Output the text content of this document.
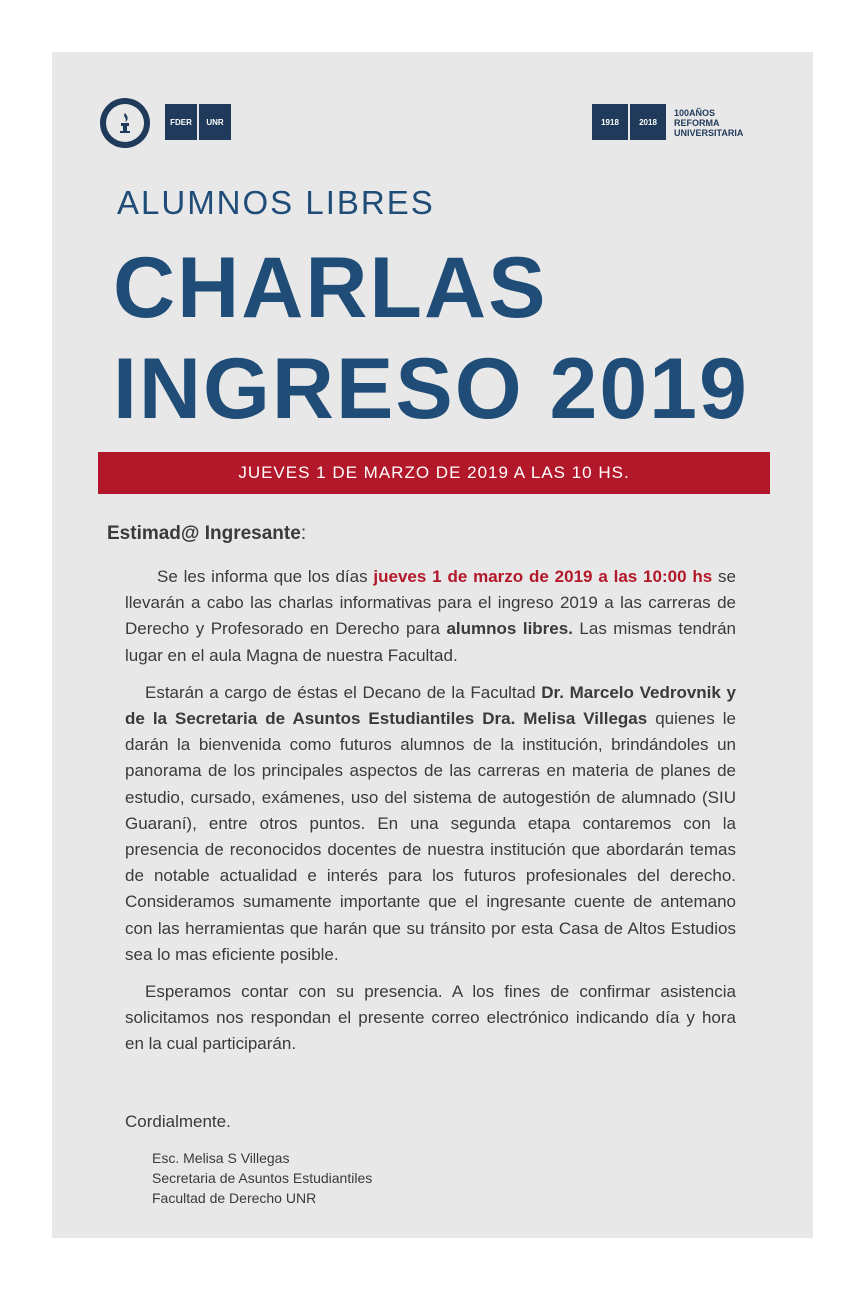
FDER	UNR	1918	2018
100AÑOS
REFORMA
UNIVERSITARIA
ALUMNOS LIBRES
CHARLAS
INGRESO 2019
JUEVES 1 DE MARZO DE 2019 A LAS 10 HS.
Estimad@ Ingresante:

Se les informa que los días jueves 1 de marzo de 2019 a las 10:00 hs se llevarán a cabo las charlas informativas para el ingreso 2019 a las carreras de Derecho y Profesorado en Derecho para alumnos libres. Las mismas tendrán lugar en el aula Magna de nuestra Facultad.

Estarán a cargo de éstas el Decano de la Facultad Dr. Marcelo Vedrovnik y de la Secretaria de Asuntos Estudiantiles Dra. Melisa Villegas quienes le darán la bienvenida como futuros alumnos de la institución, brindándoles un panorama de los principales aspectos de las carreras en materia de planes de estudio, cursado, exámenes, uso del sistema de autogestión de alumnado (SIU Guaraní), entre otros puntos. En una segunda etapa contaremos con la presencia de reconocidos docentes de nuestra institución que abordarán temas de notable actualidad e interés para los futuros profesionales del derecho. Consideramos sumamente importante que el ingresante cuente de antemano con las herramientas que harán que su tránsito por esta Casa de Altos Estudios sea lo mas eficiente posible.

Esperamos contar con su presencia. A los fines de confirmar asistencia solicitamos nos respondan el presente correo electrónico indicando día y hora en la cual participarán.

Cordialmente.
Esc. Melisa S Villegas
Secretaria de Asuntos Estudiantiles
Facultad de Derecho UNR
